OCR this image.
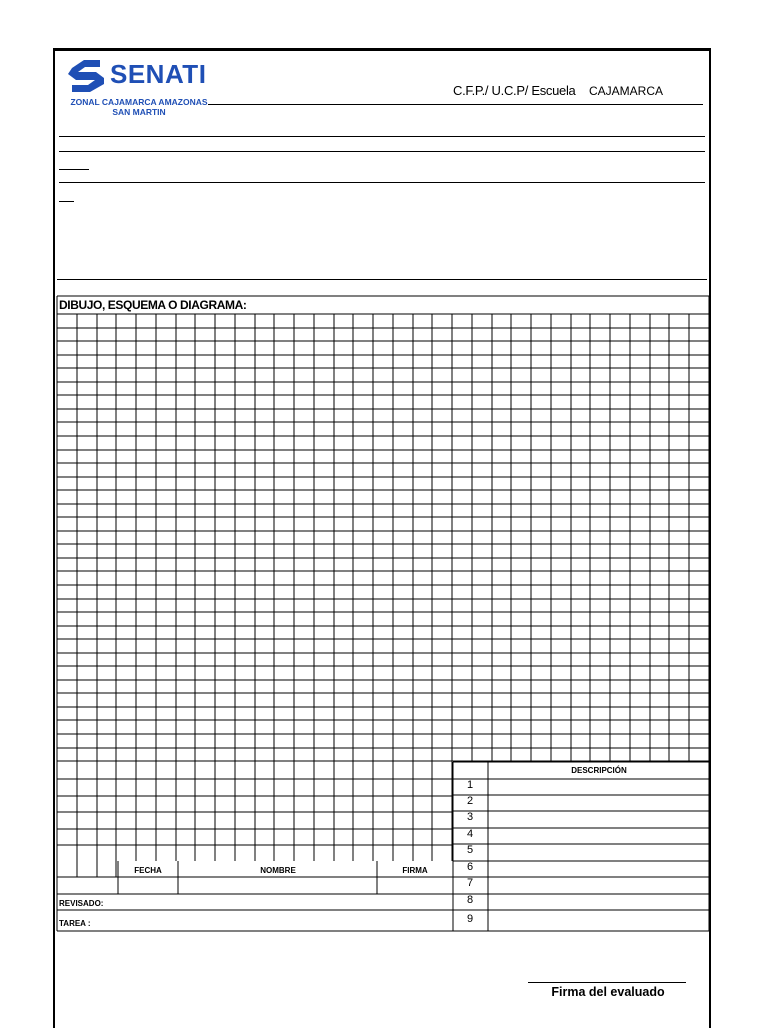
SENATI
ZONAL CAJAMARCA AMAZONAS
SAN MARTIN
C.F.P./ U.C.P/ Escuela CAJAMARCA
DIBUJO, ESQUEMA O DIAGRAMA:
DESCRIPCIÓN
FECHA	NOMBRE	FIRMA
REVISADO:
TAREA :
1
2
3
4
5
6
7
8
9
Firma del evaluado
